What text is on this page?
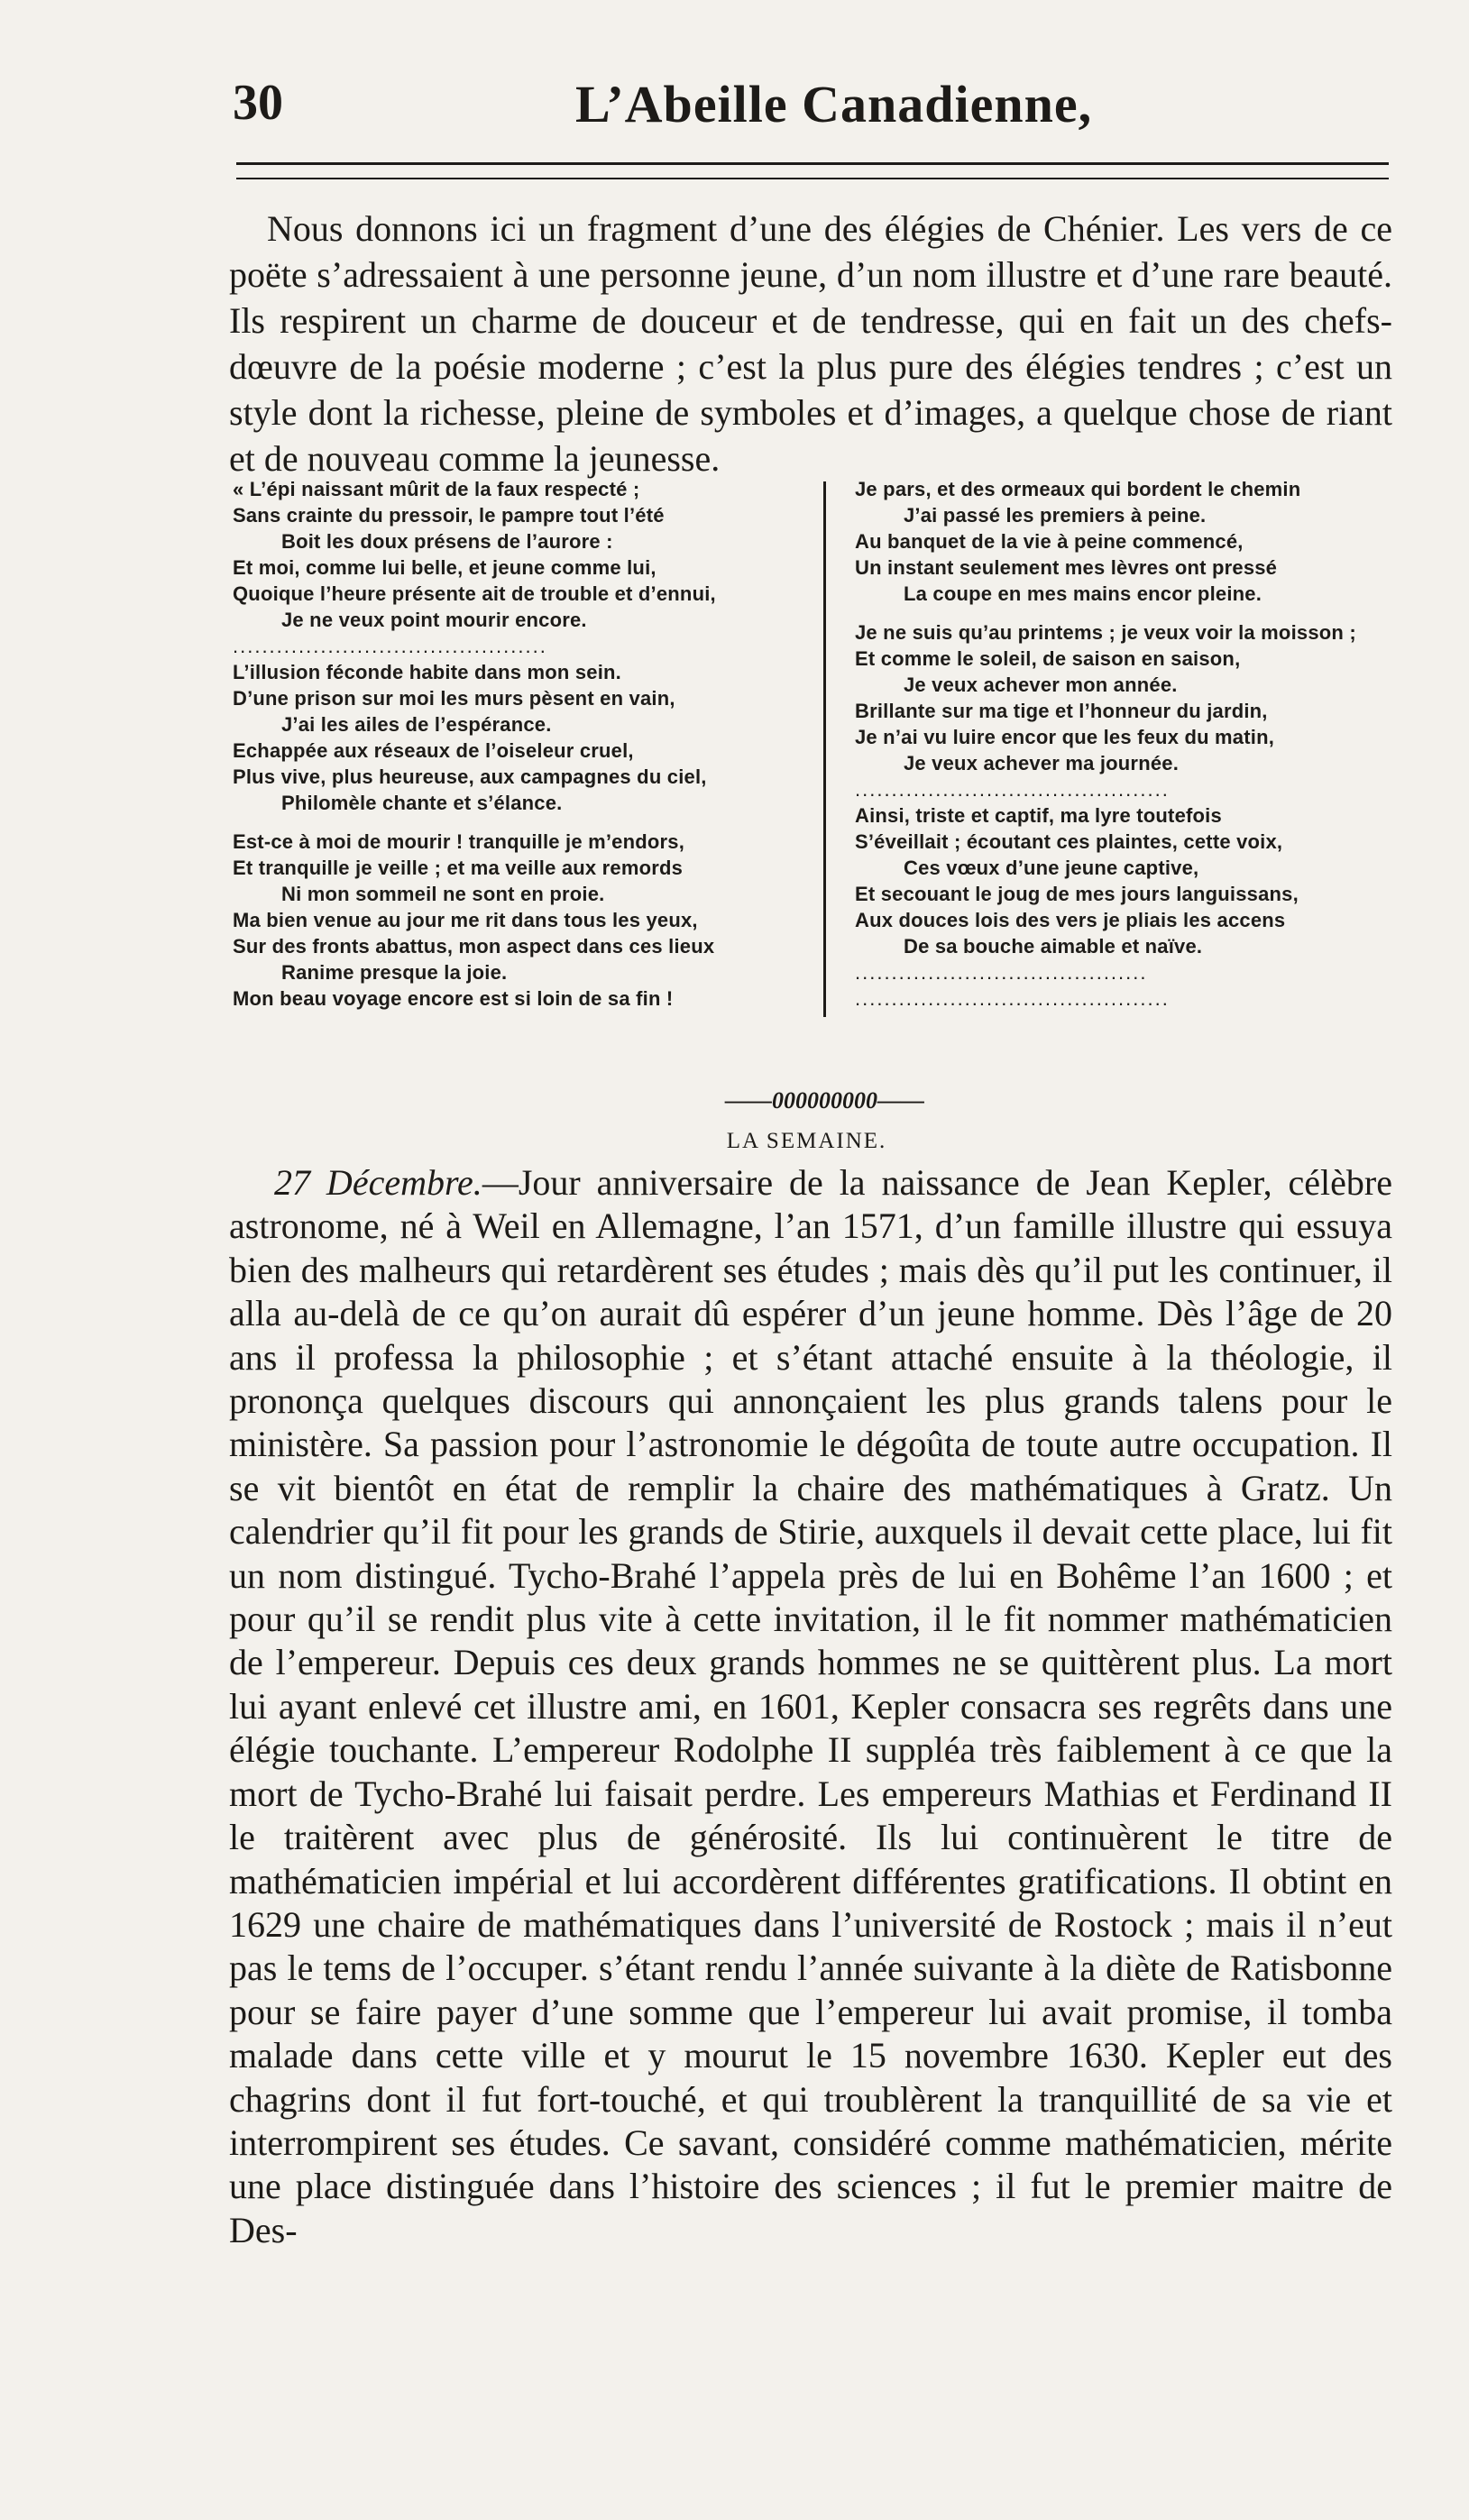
30	L’Abeille Canadienne,

Nous donnons ici un fragment d’une des élégies de Chénier. Les vers de ce poëte s’adressaient à une personne jeune, d’un nom illustre et d’une rare beauté. Ils respirent un charme de douceur et de tendresse, qui en fait un des chefs-dœuvre de la poésie moderne ; c’est la plus pure des élégies tendres ; c’est un style dont la richesse, pleine de symboles et d’images, a quelque chose de riant et de nouveau comme la jeunesse.

« L’épi naissant mûrit de la faux respecté ;
Sans crainte du pressoir, le pampre tout l’été
Boit les doux présens de l’aurore :
Et moi, comme lui belle, et jeune comme lui,
Quoique l’heure présente ait de trouble et d’ennui,
Je ne veux point mourir encore.
...........................................
L’illusion féconde habite dans mon sein.
D’une prison sur moi les murs pèsent en vain,
J’ai les ailes de l’espérance.
Echappée aux réseaux de l’oiseleur cruel,
Plus vive, plus heureuse, aux campagnes du ciel,
Philomèle chante et s’élance.
Est-ce à moi de mourir ! tranquille je m’endors,
Et tranquille je veille ; et ma veille aux remords
Ni mon sommeil ne sont en proie.
Ma bien venue au jour me rit dans tous les yeux,
Sur des fronts abattus, mon aspect dans ces lieux
Ranime presque la joie.
Mon beau voyage encore est si loin de sa fin !
Je pars, et des ormeaux qui bordent le chemin
J’ai passé les premiers à peine.
Au banquet de la vie à peine commencé,
Un instant seulement mes lèvres ont pressé
La coupe en mes mains encor pleine.
Je ne suis qu’au printems ; je veux voir la moisson ;
Et comme le soleil, de saison en saison,
Je veux achever mon année.
Brillante sur ma tige et l’honneur du jardin,
Je n’ai vu luire encor que les feux du matin,
Je veux achever ma journée.
...........................................
Ainsi, triste et captif, ma lyre toutefois
S’éveillait ; écoutant ces plaintes, cette voix,
Ces vœux d’une jeune captive,
Et secouant le joug de mes jours languissans,
Aux douces lois des vers je pliais les accens
De sa bouche aimable et naïve.
........................................
...........................................
——000000000——
LA SEMAINE.

27 Décembre.—Jour anniversaire de la naissance de Jean Kepler, célèbre astronome, né à Weil en Allemagne, l’an 1571, d’un famille illustre qui essuya bien des malheurs qui retardèrent ses études ; mais dès qu’il put les continuer, il alla au-delà de ce qu’on aurait dû espérer d’un jeune homme. Dès l’âge de 20 ans il professa la philosophie ; et s’étant attaché ensuite à la théologie, il prononça quelques discours qui annonçaient les plus grands talens pour le ministère. Sa passion pour l’astronomie le dégoûta de toute autre occupation. Il se vit bientôt en état de remplir la chaire des mathématiques à Gratz. Un calendrier qu’il fit pour les grands de Stirie, auxquels il devait cette place, lui fit un nom distingué. Tycho-Brahé l’appela près de lui en Bohême l’an 1600 ; et pour qu’il se rendit plus vite à cette invitation, il le fit nommer mathématicien de l’empereur. Depuis ces deux grands hommes ne se quittèrent plus. La mort lui ayant enlevé cet illustre ami, en 1601, Kepler consacra ses regrêts dans une élégie touchante. L’empereur Rodolphe II suppléa très faiblement à ce que la mort de Tycho-Brahé lui faisait perdre. Les empereurs Mathias et Ferdinand II le traitèrent avec plus de générosité. Ils lui continuèrent le titre de mathématicien impérial et lui accordèrent différentes gratifications. Il obtint en 1629 une chaire de mathématiques dans l’université de Rostock ; mais il n’eut pas le tems de l’occuper. s’étant rendu l’année suivante à la diète de Ratisbonne pour se faire payer d’une somme que l’empereur lui avait promise, il tomba malade dans cette ville et y mourut le 15 novembre 1630. Kepler eut des chagrins dont il fut fort-touché, et qui troublèrent la tranquillité de sa vie et interrompirent ses études. Ce savant, considéré comme mathématicien, mérite une place distinguée dans l’histoire des sciences ; il fut le premier maitre de Des-
